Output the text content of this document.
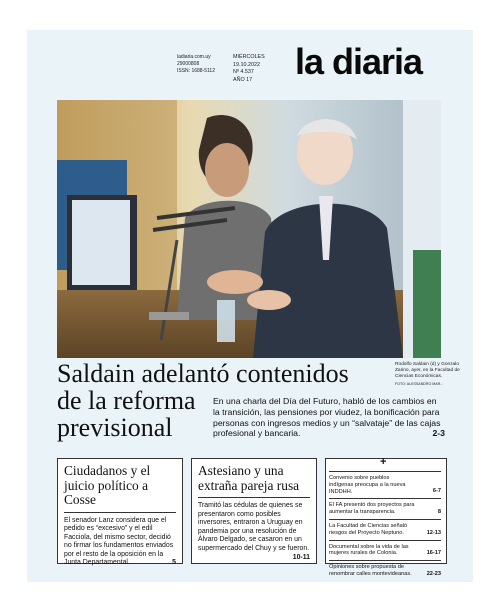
ladiaria.com.uy
29000808
ISSN: 1688-5112
MIÉRCOLES
19.10.2022
Nº 4.537
AÑO 17	la diaria
Rodolfo Saldain (d) y Gonzalo Zarino, ayer, en la Facultad de Ciencias Económicas.
FOTO: ALESSANDRO MAR...
Saldain adelantó contenidos
de la reforma
previsional
En una charla del Día del Futuro, habló de los cambios en la transición, las pensiones por viudez, la bonificación para personas con ingresos medios y un “salvataje” de las cajas profesional y bancaria.	2-3
Ciudadanos y el juicio político a Cosse
El senador Lanz considera que el pedido es “excesivo” y el edil Facciola, del mismo sector, decidió no firmar los fundamentos enviados por el resto de la oposición en la Junta Departamental.	5
Astesiano y una extraña pareja rusa
Tramitó las cédulas de quienes se presentaron como posibles inversores, entraron a Uruguay en pandemia por una resolución de Álvaro Delgado, se casaron en un supermercado del Chuy y se fueron.
10-11
+
Convenio sobre pueblos indígenas preocupa a la nueva INDDHH.	6-7
El FA presentó dos proyectos para aumentar la transparencia.	8
La Facultad de Ciencias señaló riesgos del Proyecto Neptuno.	12-13
Documental sobre la vida de las mujeres rurales de Colonia.	16-17
Opiniones sobre propuesta de renombrar calles montevideanas.	22-23
